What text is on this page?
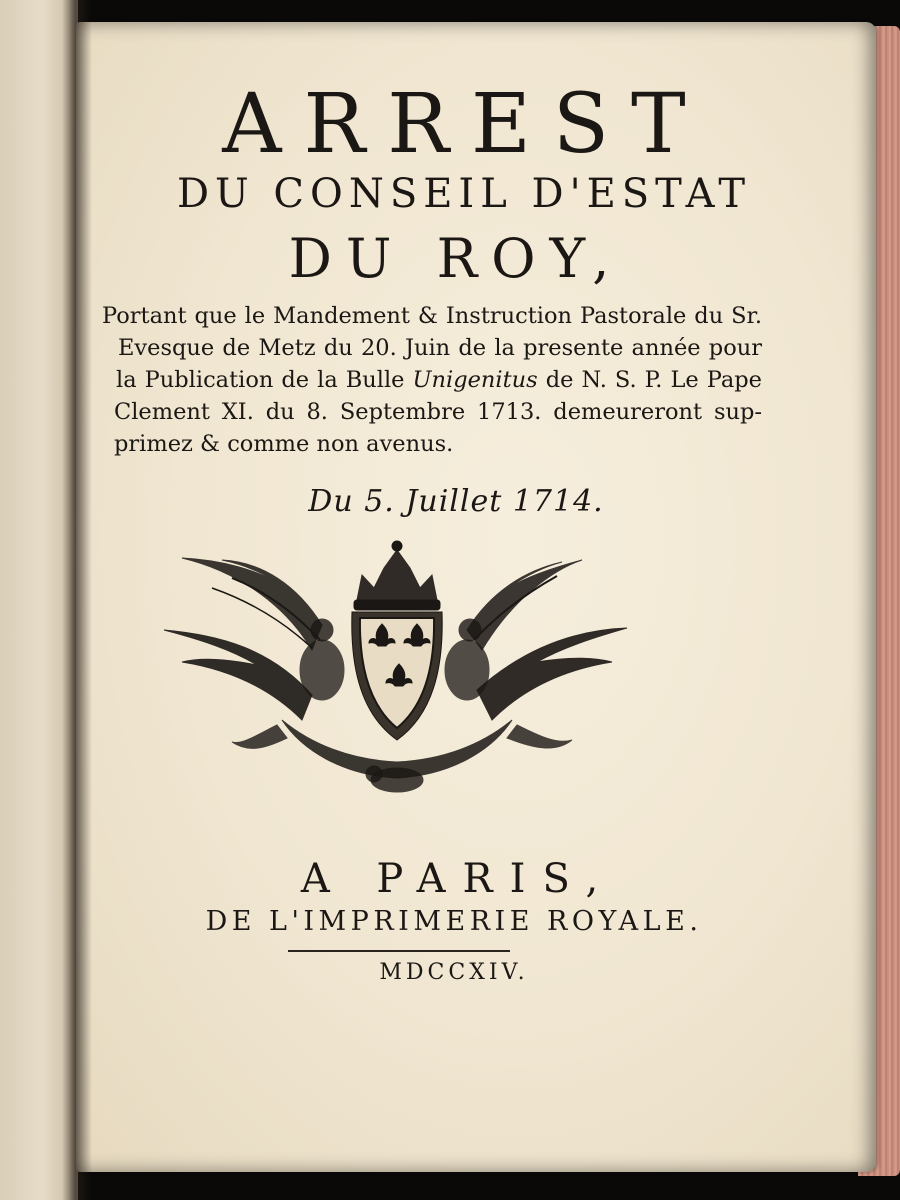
ARREST
DU CONSEIL D'ESTAT
DU ROY,
Portant que le Mandement & Instruction Pastorale du Sr.
Evesque de Metz du 20. Juin de la presente année pour
la Publication de la Bulle Unigenitus de N. S. P. Le Pape
Clement XI. du 8. Septembre 1713. demeureront sup-
primez & comme non avenus.
Du 5. Juillet 1714.
A PARIS,
DE L'IMPRIMERIE ROYALE.
MDCCXIV.
